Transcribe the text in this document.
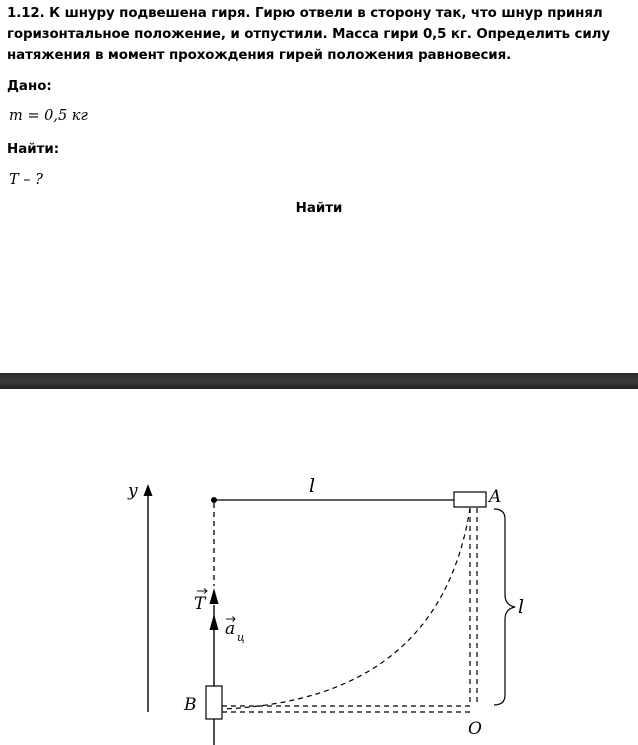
1.12. К шнуру подвешена гиря. Гирю отвели в сторону так, что шнур принял горизонтальное положение, и отпустили. Масса гири 0,5 кг. Определить силу натяжения в момент прохождения гирей положения равновесия.
Дано:
m = 0,5 кг
Найти:
T – ?
Найти
y	l	A
T
a ц
B
O
l
